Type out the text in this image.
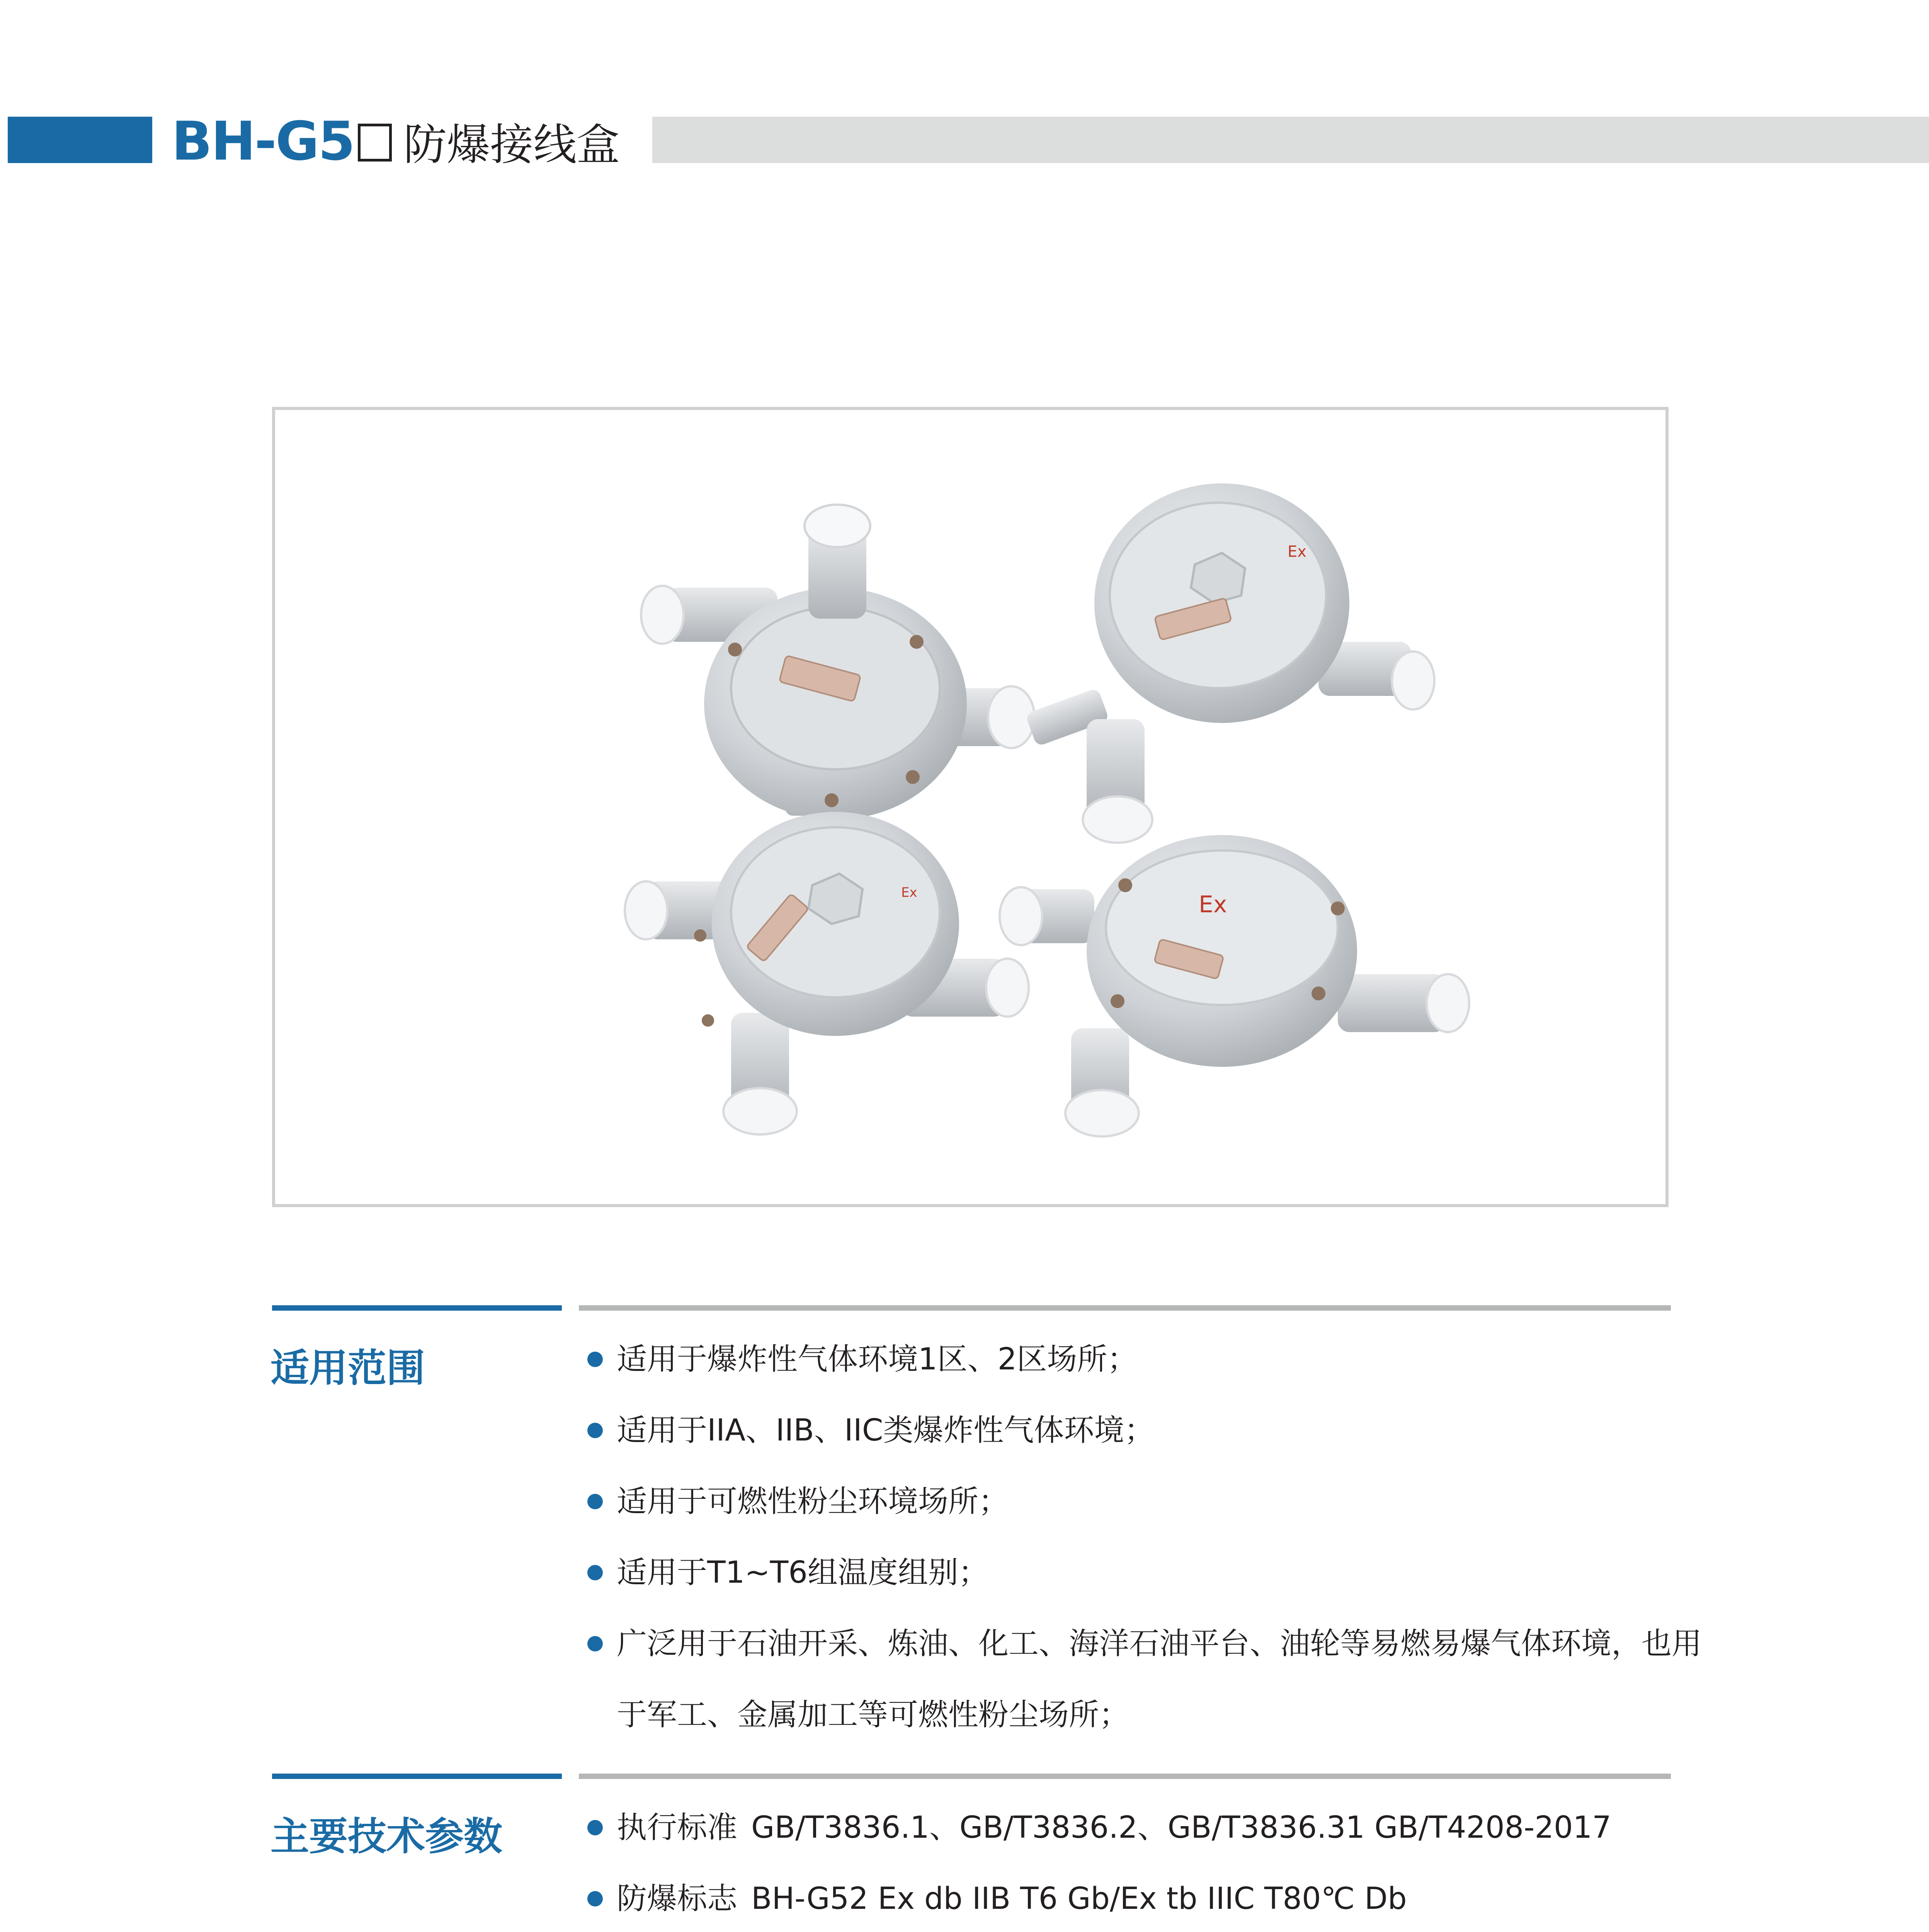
BH-G5 防爆接线盒
Ex
Ex	Ex
适用范围	适用于爆炸性气体环境1区、2区场所；
适用于IIA、IIB、IIC类爆炸性气体环境；
适用于可燃性粉尘环境场所；
适用于T1~T6组温度组别；
广泛用于石油开采、炼油、化工、海洋石油平台、油轮等易燃易爆气体环境，也用
于军工、金属加工等可燃性粉尘场所；
主要技术参数	执行标准 GB/T3836.1、GB/T3836.2、GB/T3836.31 GB/T4208-2017
防爆标志 BH-G52 Ex db IIB T6 Gb/Ex tb IIIC T80℃ Db
